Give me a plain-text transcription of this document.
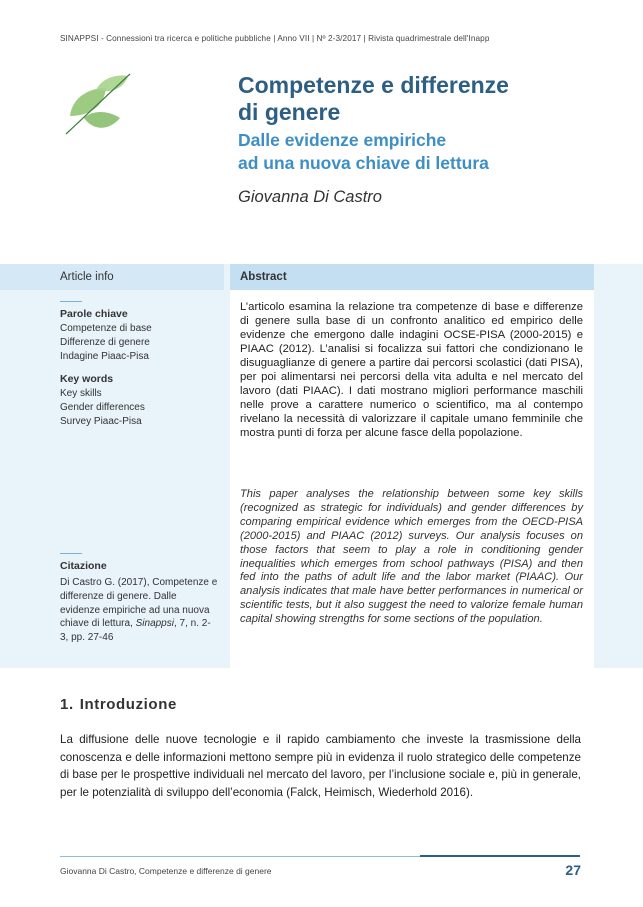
SINAPPSI - Connessioni tra ricerca e politiche pubbliche | Anno VII | Nº 2-3/2017 | Rivista quadrimestrale dell'Inapp
Competenze e differenze
di genere
Dalle evidenze empiriche
ad una nuova chiave di lettura

Giovanna Di Castro

Article info	Abstract
Parole chiave
Competenze di base
Differenze di genere
Indagine Piaac-Pisa
Key words
Key skills
Gender differences
Survey Piaac-Pisa
Citazione
Di Castro G. (2017), Competenze e differenze di genere. Dalle evidenze empiriche ad una nuova chiave di lettura, Sinappsi, 7, n. 2-3, pp. 27-46

L’articolo esamina la relazione tra competenze di base e differenze di genere sulla base di un confronto analitico ed empirico delle evidenze che emergono dalle indagini OCSE-PISA (2000-2015) e PIAAC (2012). L’analisi si focalizza sui fattori che condizionano le disuguaglianze di genere a partire dai percorsi scolastici (dati PISA), per poi alimentarsi nei percorsi della vita adulta e nel mercato del lavoro (dati PIAAC). I dati mostrano migliori performance maschili nelle prove a carattere numerico o scientifico, ma al contempo rivelano la necessità di valorizzare il capitale umano femminile che mostra punti di forza per alcune fasce della popolazione.

This paper analyses the relationship between some key skills (recognized as strategic for individuals) and gender differences by comparing empirical evidence which emerges from the OECD-PISA (2000-2015) and PIAAC (2012) surveys. Our analysis focuses on those factors that seem to play a role in conditioning gender inequalities which emerges from school pathways (PISA) and then fed into the paths of adult life and the labor market (PIAAC). Our analysis indicates that male have better performances in numerical or scientific tests, but it also suggest the need to valorize female human capital showing strengths for some sections of the population.

1. Introduzione

La diffusione delle nuove tecnologie e il rapido cambiamento che investe la trasmissione della conoscenza e delle informazioni mettono sempre più in evidenza il ruolo strategico delle competenze di base per le prospettive individuali nel mercato del lavoro, per l’inclusione sociale e, più in generale, per le potenzialità di sviluppo dell’economia (Falck, Heimisch, Wiederhold 2016).

Giovanna Di Castro, Competenze e differenze di genere	27
